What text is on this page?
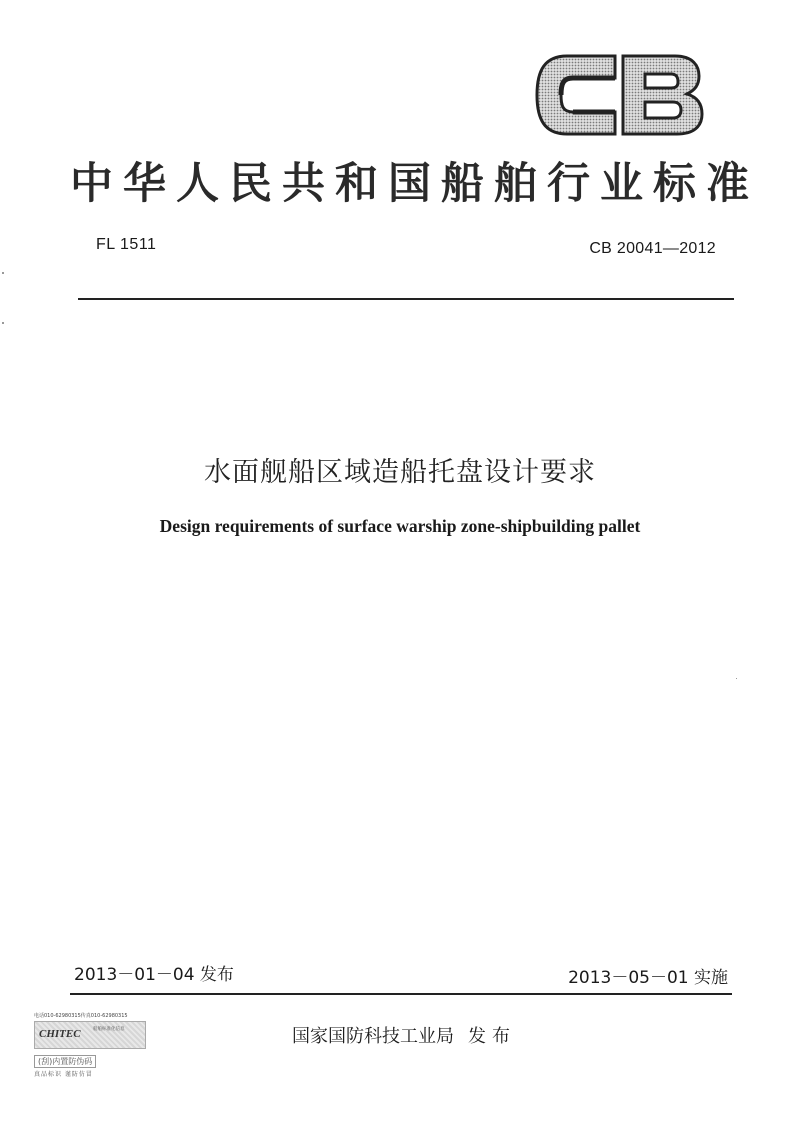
中华人民共和国船舶行业标准
FL 1511	CB 20041—2012
水面舰船区域造船托盘设计要求
Design requirements of surface warship zone-shipbuilding pallet
2013－01－04 发布	2013－05－01 实施
国家国防科技工业局 发布
电话010-62980315传真010-62980315
CHITEC	船舶标准化信息
(刮)内置防伪码
真品标识 谨防仿冒
